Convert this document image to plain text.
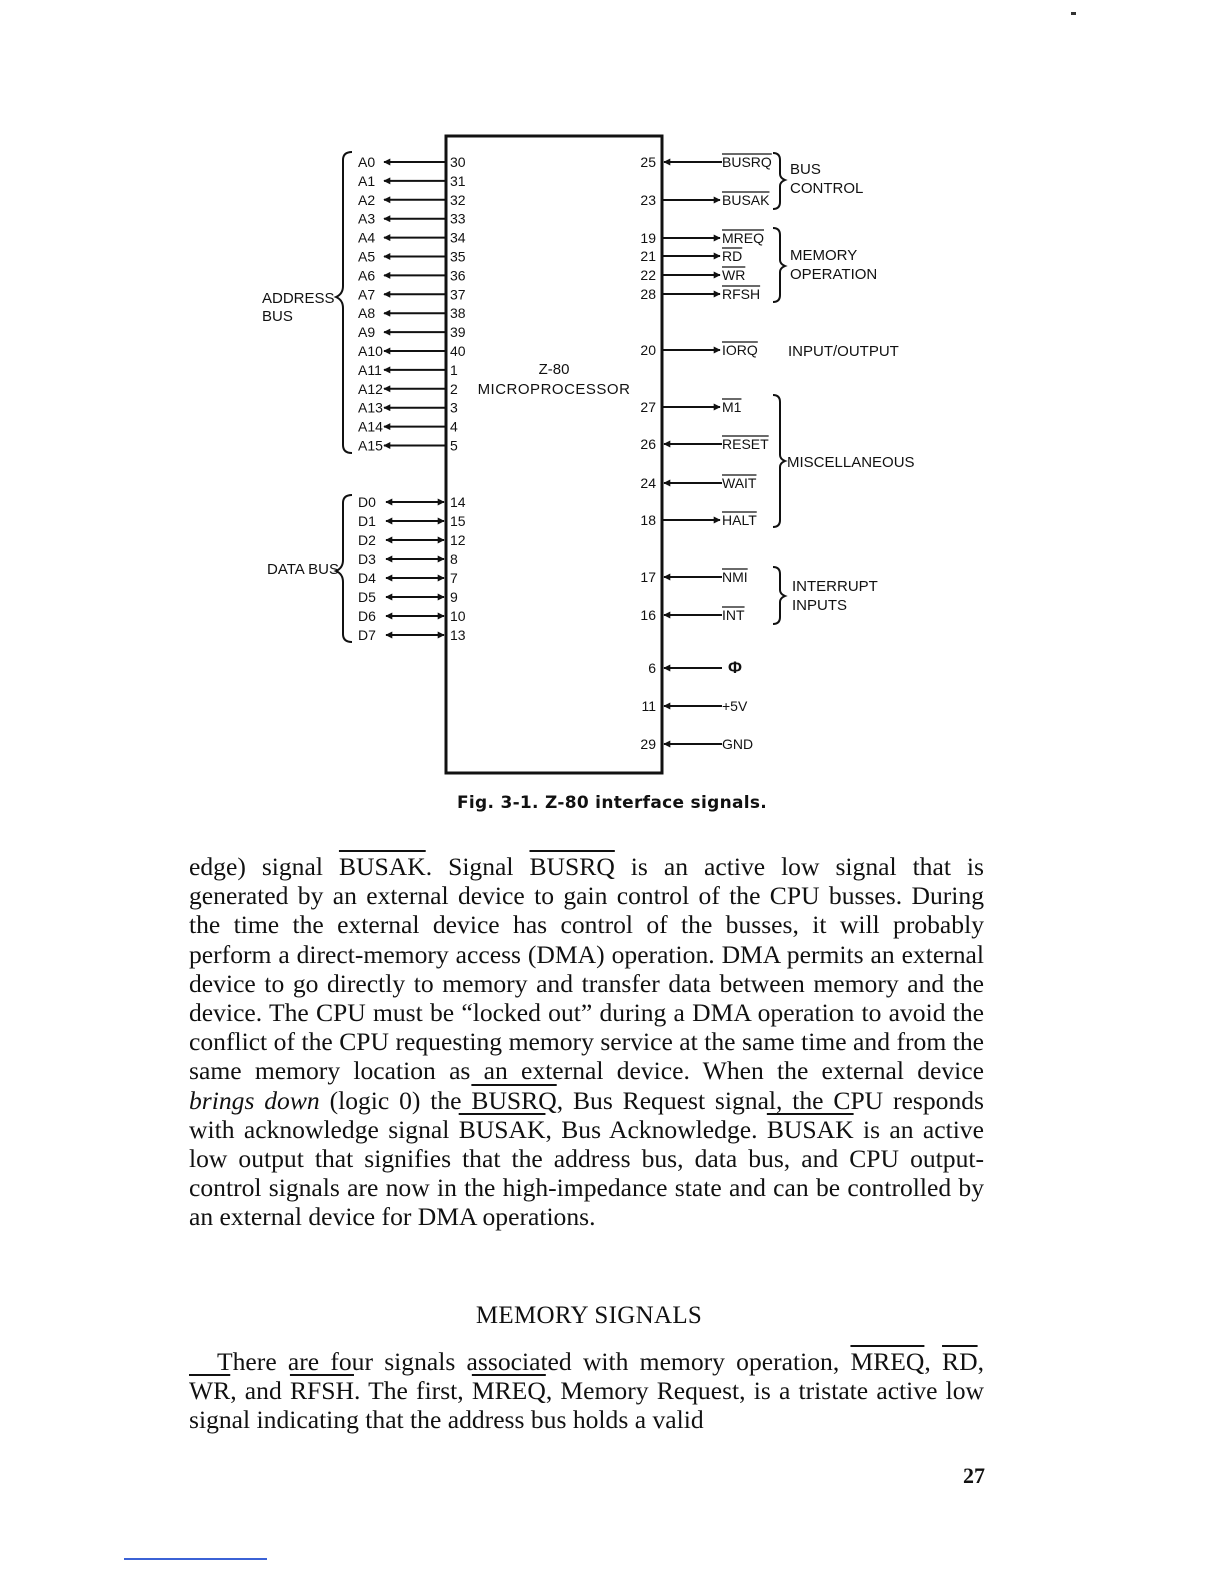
Z-80
MICROPROCESSOR
ADDRESS
BUS
DATA BUS
A0	30
A1	31
A2	32
A3	33
A4	34
A5	35
A6	36
A7	37
A8	38
A9	39
A10	40
A11	1
A12	2
A13	3
A14	4
A15	5
D0	14
D1	15
D2	12
D3	8
D4	7
D5	9
D6	10
D7	13
25	BUSRQ
23	BUSAK
19	MREQ
21	RD
22	WR
28	RFSH
20	IORQ
27	M1
26	RESET
24	WAIT
18	HALT
17	NMI
16	INT
6	Φ
11	+5V
29	GND
BUS
CONTROL
MEMORY
OPERATION
INPUT/OUTPUT
MISCELLANEOUS
INTERRUPT
INPUTS
Fig. 3-1. Z-80 interface signals.

edge) signal BUSAK. Signal BUSRQ is an active low signal that is generated by an external device to gain control of the CPU busses. During the time the external device has control of the busses, it will probably perform a direct-memory access (DMA) operation. DMA permits an external device to go directly to memory and transfer data between memory and the device. The CPU must be “locked out” during a DMA operation to avoid the conflict of the CPU requesting memory service at the same time and from the same memory location as an external device. When the external device brings down (logic 0) the BUSRQ, Bus Request signal, the CPU responds with acknowledge signal BUSAK, Bus Acknowledge. BUSAK is an active low output that signifies that the address bus, data bus, and CPU output-control signals are now in the high-impedance state and can be controlled by an external device for DMA operations.

MEMORY SIGNALS

There are four signals associated with memory operation, MREQ, $\overline{RD}$, $\overline{WR}$, and RFSH. The first, MREQ, Memory Request, is a tristate active low signal indicating that the address bus holds a valid

27
